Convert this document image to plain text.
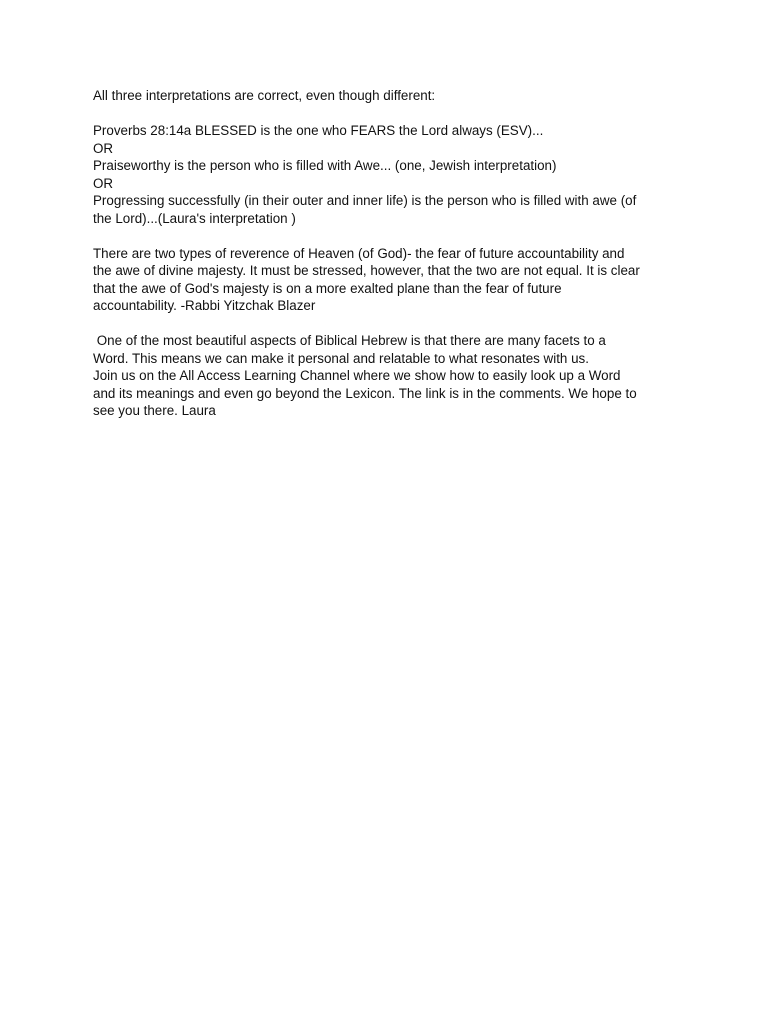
All three interpretations are correct, even though different:
Proverbs 28:14a BLESSED is the one who FEARS the Lord always (ESV)...
OR
Praiseworthy is the person who is filled with Awe... (one, Jewish interpretation)
OR
Progressing successfully (in their outer and inner life) is the person who is filled with awe (of
the Lord)...(Laura's interpretation )
There are two types of reverence of Heaven (of God)- the fear of future accountability and
the awe of divine majesty. It must be stressed, however, that the two are not equal. It is clear
that the awe of God's majesty is on a more exalted plane than the fear of future
accountability. -Rabbi Yitzchak Blazer
One of the most beautiful aspects of Biblical Hebrew is that there are many facets to a
Word. This means we can make it personal and relatable to what resonates with us.
Join us on the All Access Learning Channel where we show how to easily look up a Word
and its meanings and even go beyond the Lexicon. The link is in the comments. We hope to
see you there. Laura
